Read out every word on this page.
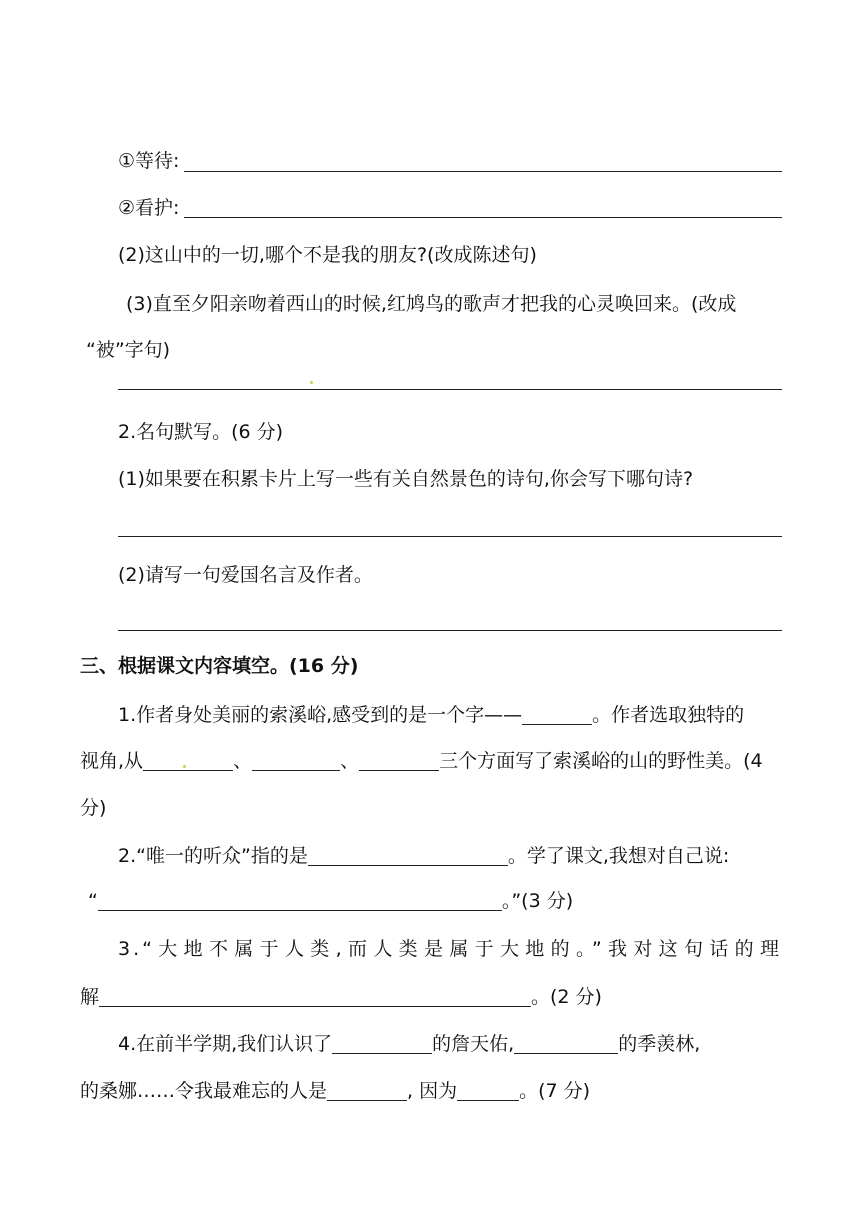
①等待:
②看护:
(2)这山中的一切,哪个不是我的朋友?(改成陈述句)
(3)直至夕阳亲吻着西山的时候,红鸠鸟的歌声才把我的心灵唤回来。(改成
“被”字句)
2.名句默写。(6 分)
(1)如果要在积累卡片上写一些有关自然景色的诗句,你会写下哪句诗?
(2)请写一句爱国名言及作者。
三、根据课文内容填空。(16 分)
1.作者身处美丽的索溪峪,感受到的是一个字——	。作者选取独特的
视角,从	、	、	三个方面写了索溪峪的山的野性美。(4
分)
2.“唯一的听众”指的是	。学了课文,我想对自己说:
“	。”(3 分)
3.“大地不属于人类,而人类是属于大地的。”我对这句话的理
解	。(2 分)
4.在前半学期,我们认识了	的詹天佑,	的季羡林,
的桑娜……令我最难忘的人是	, 因为	。(7 分)
